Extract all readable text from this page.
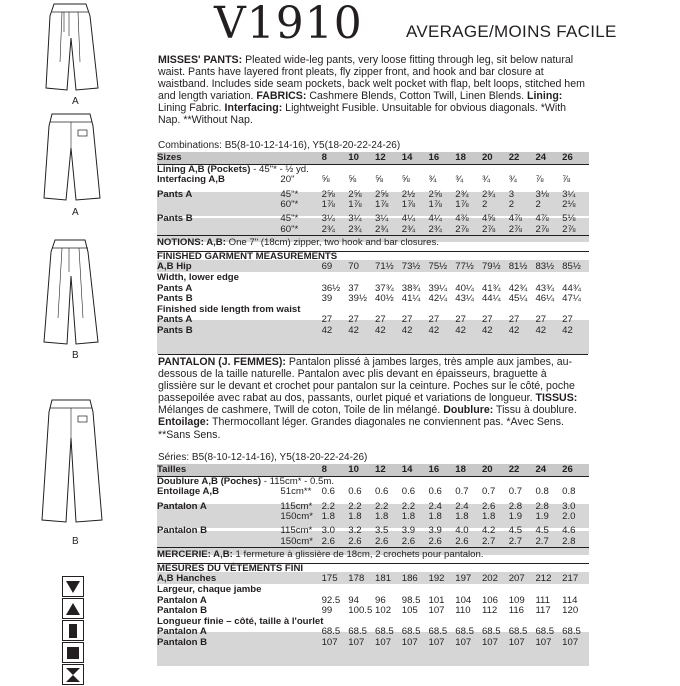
V1910	AVERAGE/MOINS FACILE
A
A
B
B
MISSES' PANTS: Pleated wide-leg pants, very loose fitting through leg, sit below natural waist. Pants have layered front pleats, fly zipper front, and hook and bar closure at waistband. Includes side seam pockets, back welt pocket with flap, belt loops, stitched hem and length variation. FABRICS: Cashmere Blends, Cotton Twill, Linen Blends. Lining: Lining Fabric. Interfacing: Lightweight Fusible. Unsuitable for obvious diagonals. *With Nap. **Without Nap.
Combinations: B5(8-10-12-14-16), Y5(18-20-22-24-26)
Sizes		8	10	12	14	16	18	20	22	24	26
Lining A,B (Pockets) - 45"* - ½ yd.											
Interfacing A,B	20"	⅝	⅝	⅝	⅝	¾	¾	¾	¾	⅞	⅞

Pants A	45"*	2⅝	2⅝	2⅝	2½	2⅝	2¾	2¾	3	3⅛	3¼
	60"*	1⅞	1⅞	1⅞	1⅞	1⅞	1⅞	2	2	2	2⅛

Pants B	45"*	3¼	3¼	3¼	4¼	4¼	4⅜	4⅝	4⅞	4⅞	5⅛
	60"*	2¾	2¾	2¾	2¾	2¾	2⅞	2⅞	2⅞	2⅞	2⅞
NOTIONS: A,B: One 7" (18cm) zipper, two hook and bar closures.											
FINISHED GARMENT MEASUREMENTS											
A,B Hip		69	70	71½	73½	75½	77½	79½	81½	83½	85½
Width, lower edge											
Pants A		36½	37	37¾	38¾	39¼	40¼	41¾	42¾	43¾	44¾
Pants B		39	39½	40½	41¼	42¼	43¼	44¼	45¼	46¼	47¼
Finished side length from waist											
Pants A		27	27	27	27	27	27	27	27	27	27
Pants B		42	42	42	42	42	42	42	42	42	42
PANTALON (J. FEMMES): Pantalon plissé à jambes larges, très ample aux jambes, au-dessous de la taille naturelle. Pantalon avec plis devant en épaisseurs, braguette à glissière sur le devant et crochet pour pantalon sur la ceinture. Poches sur le côté, poche passepoilée avec rabat au dos, passants, ourlet piqué et variations de longueur. TISSUS: Mélanges de cashmere, Twill de coton, Toile de lin mélangé. Doublure: Tissu à doublure. Entoilage: Thermocollant léger. Grandes diagonales ne conviennent pas. *Avec Sens. **Sans Sens.
Séries: B5(8-10-12-14-16), Y5(18-20-22-24-26)
Tailles		8	10	12	14	16	18	20	22	24	26
Doublure A,B (Poches) - 115cm* - 0.5m.											
Entoilage A,B	51cm**	0.6	0.6	0.6	0.6	0.6	0.7	0.7	0.7	0.8	0.8

Pantalon A	115cm*	2.2	2.2	2.2	2.2	2.4	2.4	2.6	2.8	2.8	3.0
	150cm*	1.8	1.8	1.8	1.8	1.8	1.8	1.8	1.9	1.9	2.0

Pantalon B	115cm*	3.0	3.2	3.5	3.9	3.9	4.0	4.2	4.5	4.5	4.6
	150cm*	2.6	2.6	2.6	2.6	2.6	2.6	2.7	2.7	2.7	2.8
MERCERIE: A,B: 1 fermeture à glissière de 18cm, 2 crochets pour pantalon.											
MESURES DU VÊTEMENTS FINI											
A,B Hanches		175	178	181	186	192	197	202	207	212	217
Largeur, chaque jambe											
Pantalon A		92.5	94	96	98.5	101	104	106	109	111	114
Pantalon B		99	100.5	102	105	107	110	112	116	117	120
Longueur finie – côté, taille à l'ourlet											
Pantalon A		68.5	68.5	68.5	68.5	68.5	68.5	68.5	68.5	68.5	68.5
Pantalon B		107	107	107	107	107	107	107	107	107	107
